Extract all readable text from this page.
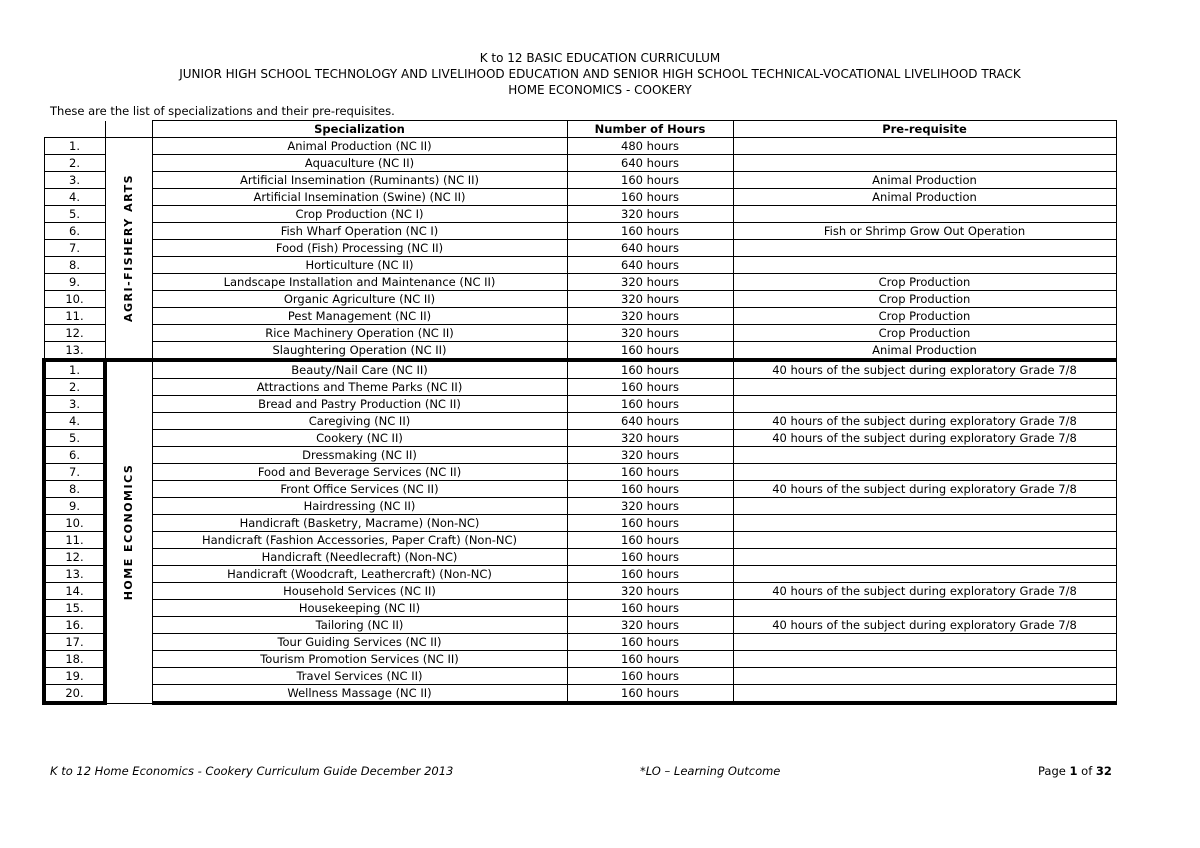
K to 12 BASIC EDUCATION CURRICULUM
JUNIOR HIGH SCHOOL TECHNOLOGY AND LIVELIHOOD EDUCATION AND SENIOR HIGH SCHOOL TECHNICAL-VOCATIONAL LIVELIHOOD TRACK
HOME ECONOMICS - COOKERY
These are the list of specializations and their pre-requisites.
		Specialization	Number of Hours	Pre-requisite
1.	AGRI-FISHERY ARTS	Animal Production (NC II)	480 hours	
2.		Aquaculture (NC II)	640 hours	
3.		Artificial Insemination (Ruminants) (NC II)	160 hours	Animal Production
4.		Artificial Insemination (Swine) (NC II)	160 hours	Animal Production
5.		Crop Production (NC I)	320 hours	
6.		Fish Wharf Operation (NC I)	160 hours	Fish or Shrimp Grow Out Operation
7.		Food (Fish) Processing (NC II)	640 hours	
8.		Horticulture (NC II)	640 hours	
9.		Landscape Installation and Maintenance (NC II)	320 hours	Crop Production
10.		Organic Agriculture (NC II)	320 hours	Crop Production
11.		Pest Management (NC II)	320 hours	Crop Production
12.		Rice Machinery Operation (NC II)	320 hours	Crop Production
13.		Slaughtering Operation (NC II)	160 hours	Animal Production
1.	HOME ECONOMICS	Beauty/Nail Care (NC II)	160 hours	40 hours of the subject during exploratory Grade 7/8
2.		Attractions and Theme Parks (NC II)	160 hours	
3.		Bread and Pastry Production (NC II)	160 hours	
4.		Caregiving (NC II)	640 hours	40 hours of the subject during exploratory Grade 7/8
5.		Cookery (NC II)	320 hours	40 hours of the subject during exploratory Grade 7/8
6.		Dressmaking (NC II)	320 hours	
7.		Food and Beverage Services (NC II)	160 hours	
8.		Front Office Services (NC II)	160 hours	40 hours of the subject during exploratory Grade 7/8
9.		Hairdressing (NC II)	320 hours	
10.		Handicraft (Basketry, Macrame) (Non-NC)	160 hours	
11.		Handicraft (Fashion Accessories, Paper Craft) (Non-NC)	160 hours	
12.		Handicraft (Needlecraft) (Non-NC)	160 hours	
13.		Handicraft (Woodcraft, Leathercraft) (Non-NC)	160 hours	
14.		Household Services (NC II)	320 hours	40 hours of the subject during exploratory Grade 7/8
15.		Housekeeping (NC II)	160 hours	
16.		Tailoring (NC II)	320 hours	40 hours of the subject during exploratory Grade 7/8
17.		Tour Guiding Services (NC II)	160 hours	
18.		Tourism Promotion Services (NC II)	160 hours	
19.		Travel Services (NC II)	160 hours	
20.		Wellness Massage (NC II)	160 hours	
K to 12 Home Economics - Cookery Curriculum Guide December 2013	*LO – Learning Outcome	Page 1 of 32
